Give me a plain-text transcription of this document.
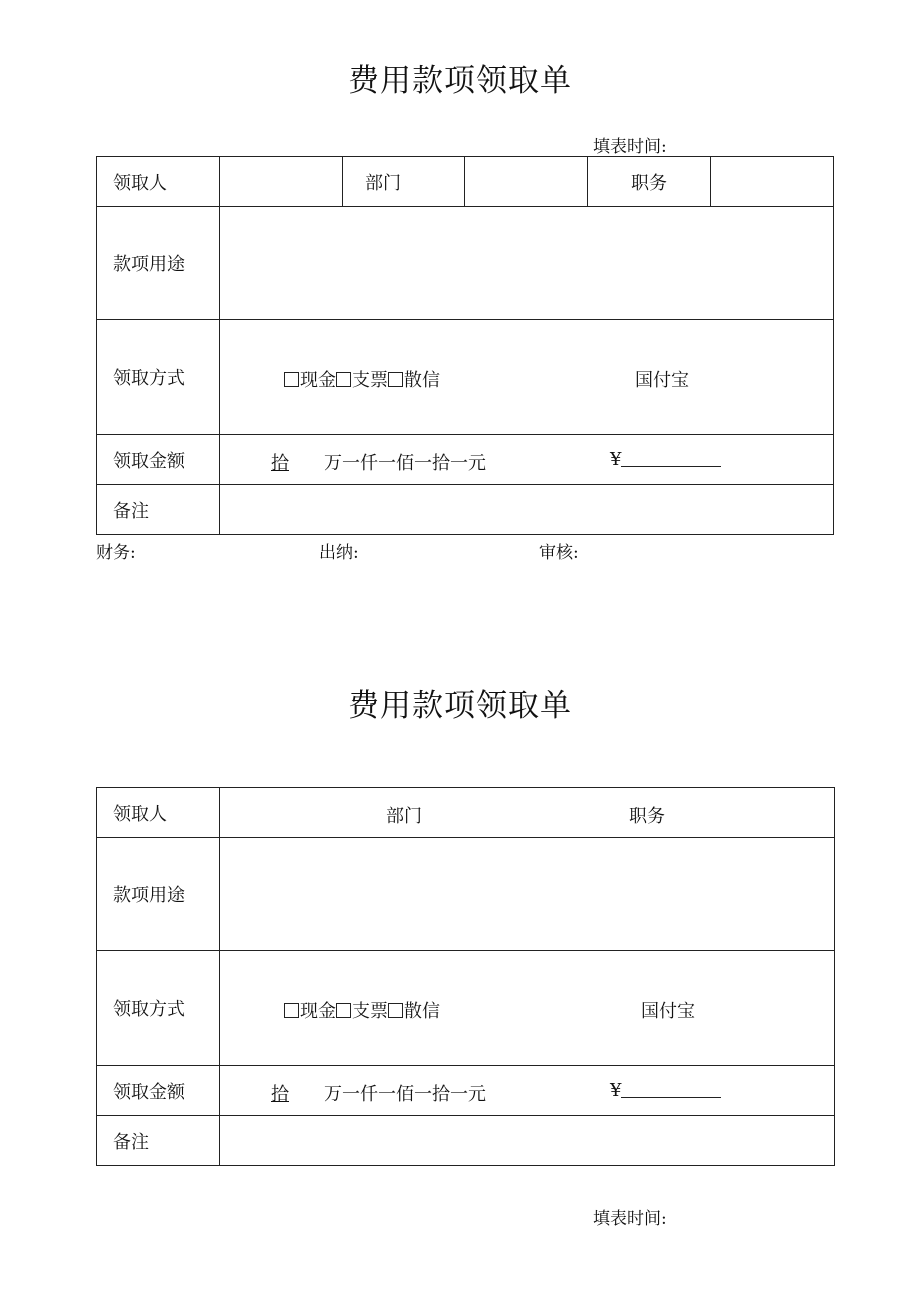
费用款项领取单
填表时间:
领取人		部门		职务	
款项用途					
领取方式	现金 支票 散信 国付宝				

领取金额	拾 万一仟一佰一拾一元 ¥				

备注					
财务:	出纳:	审核:
费用款项领取单
领取人	部门 职务

款项用途	
领取方式	现金 支票 散信 国付宝

领取金额	拾 万一仟一佰一拾一元 ¥

备注	
填表时间:
